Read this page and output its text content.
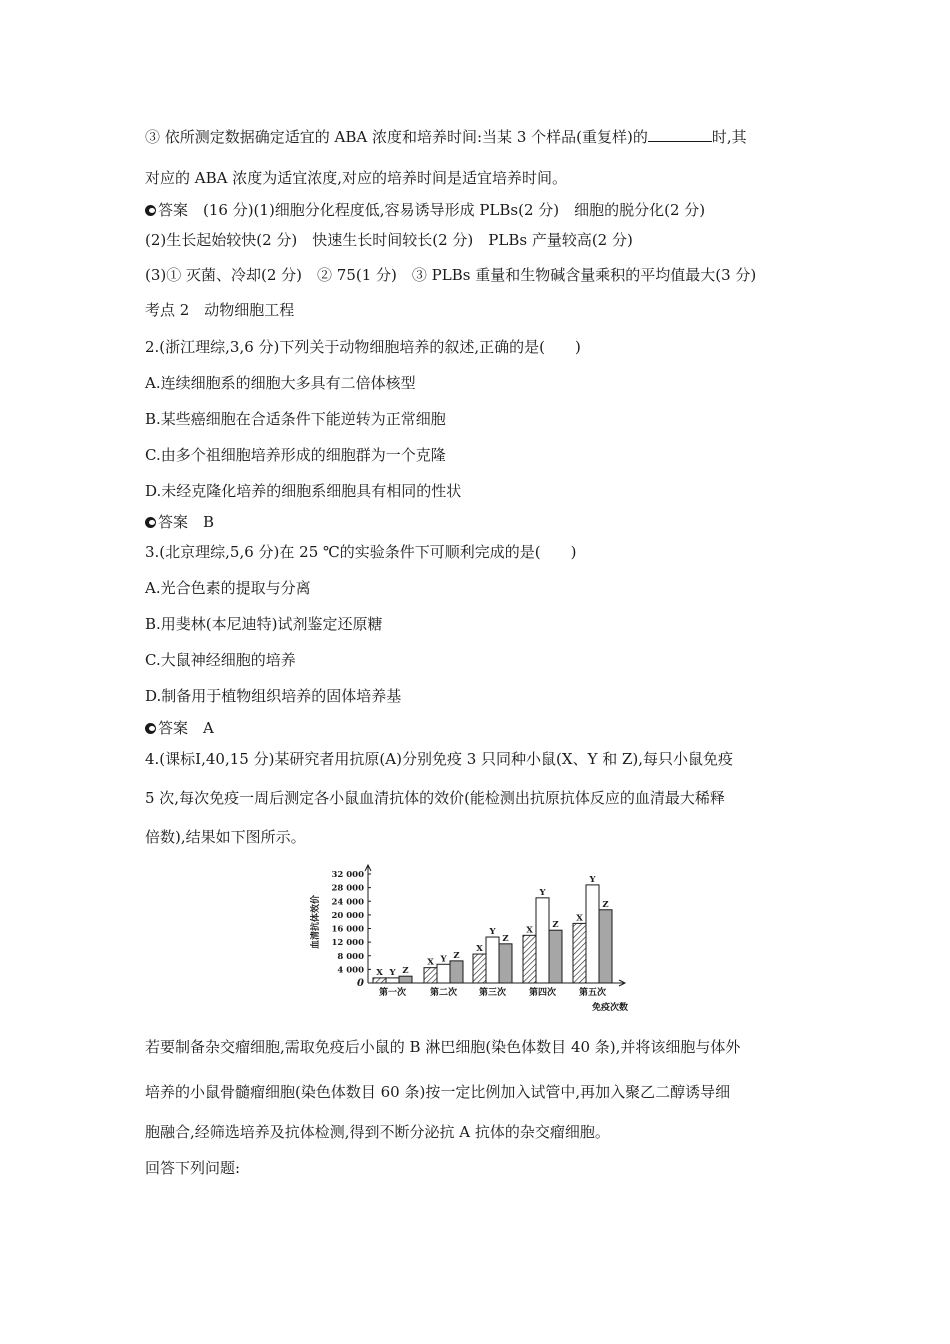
③ 依所测定数据确定适宜的 ABA 浓度和培养时间:当某 3 个样品(重复样)的	时,其
对应的 ABA 浓度为适宜浓度,对应的培养时间是适宜培养时间。
答案　(16 分)(1)细胞分化程度低,容易诱导形成 PLBs(2 分)　细胞的脱分化(2 分)
(2)生长起始较快(2 分)　快速生长时间较长(2 分)　PLBs 产量较高(2 分)
(3)① 灭菌、冷却(2 分)　② 75(1 分)　③ PLBs 重量和生物碱含量乘积的平均值最大(3 分)
考点 2　动物细胞工程
2.(浙江理综,3,6 分)下列关于动物细胞培养的叙述,正确的是(　　)
A.连续细胞系的细胞大多具有二倍体核型
B.某些癌细胞在合适条件下能逆转为正常细胞
C.由多个祖细胞培养形成的细胞群为一个克隆
D.未经克隆化培养的细胞系细胞具有相同的性状
答案　B
3.(北京理综,5,6 分)在 25 ℃的实验条件下可顺利完成的是(　　)
A.光合色素的提取与分离
B.用斐林(本尼迪特)试剂鉴定还原糖
C.大鼠神经细胞的培养
D.制备用于植物组织培养的固体培养基
答案　A
4.(课标Ⅰ,40,15 分)某研究者用抗原(A)分别免疫 3 只同种小鼠(X、Y 和 Z),每只小鼠免疫
5 次,每次免疫一周后测定各小鼠血清抗体的效价(能检测出抗原抗体反应的血清最大稀释
倍数),结果如下图所示。
0
4 000
8 000
12 000
16 000
20 000
24 000
28 000
32 000
血清抗体效价
免疫次数
X Y Z
第一次
X Y Z
第二次
X
Y
Z
第三次
X
Y
Z
第四次
X
Y
Z
第五次
若要制备杂交瘤细胞,需取免疫后小鼠的 B 淋巴细胞(染色体数目 40 条),并将该细胞与体外
培养的小鼠骨髓瘤细胞(染色体数目 60 条)按一定比例加入试管中,再加入聚乙二醇诱导细
胞融合,经筛选培养及抗体检测,得到不断分泌抗 A 抗体的杂交瘤细胞。
回答下列问题:
